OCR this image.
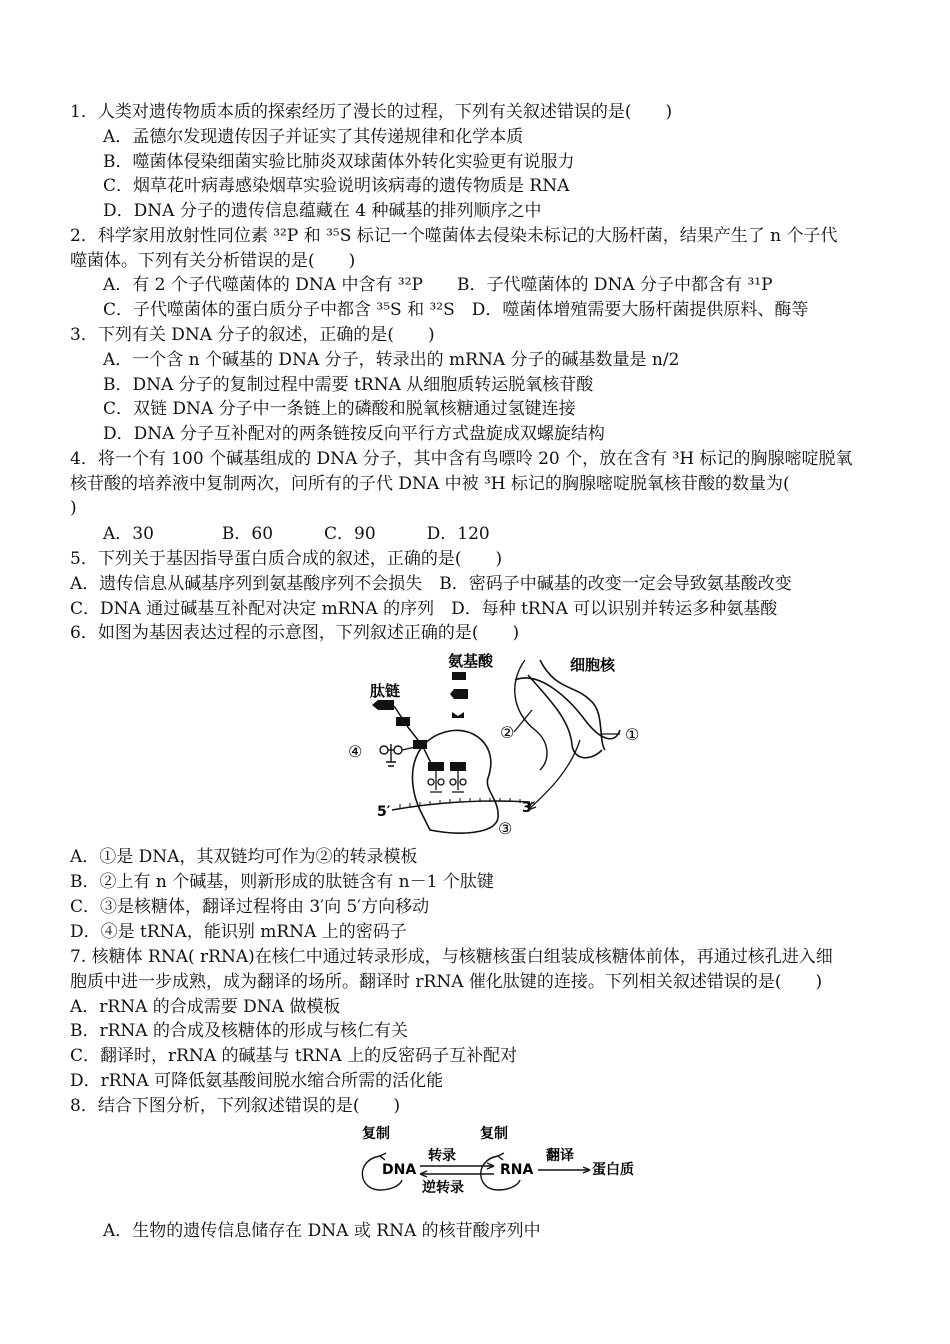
1．人类对遗传物质本质的探索经历了漫长的过程，下列有关叙述错误的是(　　)
A．孟德尔发现遗传因子并证实了其传递规律和化学本质
B．噬菌体侵染细菌实验比肺炎双球菌体外转化实验更有说服力
C．烟草花叶病毒感染烟草实验说明该病毒的遗传物质是 RNA
D．DNA 分子的遗传信息蕴藏在 4 种碱基的排列顺序之中
2．科学家用放射性同位素 ³²P 和 ³⁵S 标记一个噬菌体去侵染未标记的大肠杆菌，结果产生了 n 个子代
噬菌体。下列有关分析错误的是(　　)
A．有 2 个子代噬菌体的 DNA 中含有 ³²P　　B．子代噬菌体的 DNA 分子中都含有 ³¹P
C．子代噬菌体的蛋白质分子中都含 ³⁵S 和 ³²S　D．噬菌体增殖需要大肠杆菌提供原料、酶等
3．下列有关 DNA 分子的叙述，正确的是(　　)
A．一个含 n 个碱基的 DNA 分子，转录出的 mRNA 分子的碱基数量是 n/2
B．DNA 分子的复制过程中需要 tRNA 从细胞质转运脱氧核苷酸
C．双链 DNA 分子中一条链上的磷酸和脱氧核糖通过氢键连接
D．DNA 分子互补配对的两条链按反向平行方式盘旋成双螺旋结构
4．将一个有 100 个碱基组成的 DNA 分子，其中含有鸟嘌呤 20 个，放在含有 ³H 标记的胸腺嘧啶脱氧
核苷酸的培养液中复制两次，问所有的子代 DNA 中被 ³H 标记的胸腺嘧啶脱氧核苷酸的数量为(
)
A．30　　　　B．60　　　C．90　　　D．120
5．下列关于基因指导蛋白质合成的叙述，正确的是(　　)
A．遗传信息从碱基序列到氨基酸序列不会损失　B．密码子中碱基的改变一定会导致氨基酸改变
C．DNA 通过碱基互补配对决定 mRNA 的序列　D．每种 tRNA 可以识别并转运多种氨基酸
6．如图为基因表达过程的示意图，下列叙述正确的是(　　)
氨基酸	细胞核
肽链
②	①
④
5′	3′
③
A．①是 DNA，其双链均可作为②的转录模板
B．②上有 n 个碱基，则新形成的肽链含有 n－1 个肽键
C．③是核糖体，翻译过程将由 3′向 5′方向移动
D．④是 tRNA，能识别 mRNA 上的密码子
7. 核糖体 RNA( rRNA)在核仁中通过转录形成，与核糖核蛋白组装成核糖体前体，再通过核孔进入细
胞质中进一步成熟，成为翻译的场所。翻译时 rRNA 催化肽键的连接。下列相关叙述错误的是(　　)
A．rRNA 的合成需要 DNA 做模板
B．rRNA 的合成及核糖体的形成与核仁有关
C．翻译时，rRNA 的碱基与 tRNA 上的反密码子互补配对
D．rRNA 可降低氨基酸间脱水缩合所需的活化能
8．结合下图分析，下列叙述错误的是(　　)
复制	复制
DNA	RNA
转录
逆转录
翻译
蛋白质
A．生物的遗传信息储存在 DNA 或 RNA 的核苷酸序列中
